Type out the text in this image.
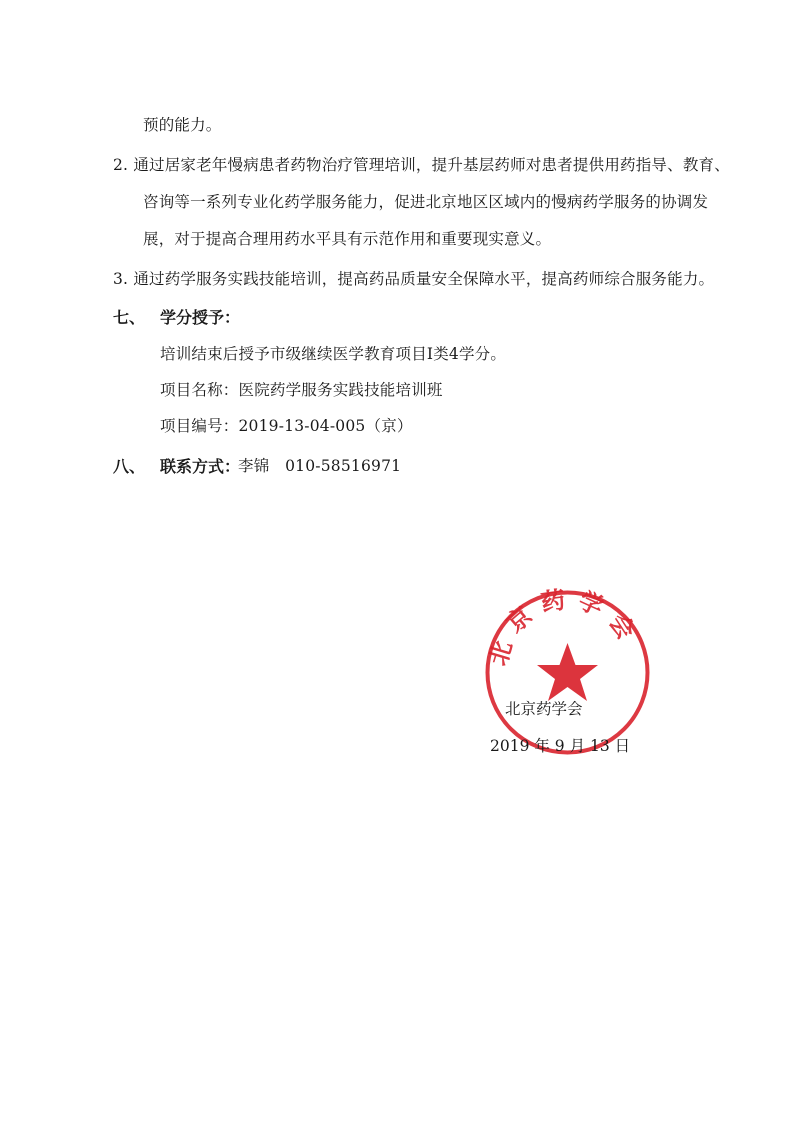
预的能力。
2. 通过居家老年慢病患者药物治疗管理培训，提升基层药师对患者提供用药指导、教育、
咨询等一系列专业化药学服务能力，促进北京地区区域内的慢病药学服务的协调发
展，对于提高合理用药水平具有示范作用和重要现实意义。
3. 通过药学服务实践技能培训，提高药品质量安全保障水平，提高药师综合服务能力。
七、 学分授予：
培训结束后授予市级继续医学教育项目Ⅰ类4学分。
项目名称：医院药学服务实践技能培训班
项目编号：2019-13-04-005（京）
八、 联系方式：
李锦　010-58516971
北京药学会
北京药学会
2019 年 9 月 13 日
